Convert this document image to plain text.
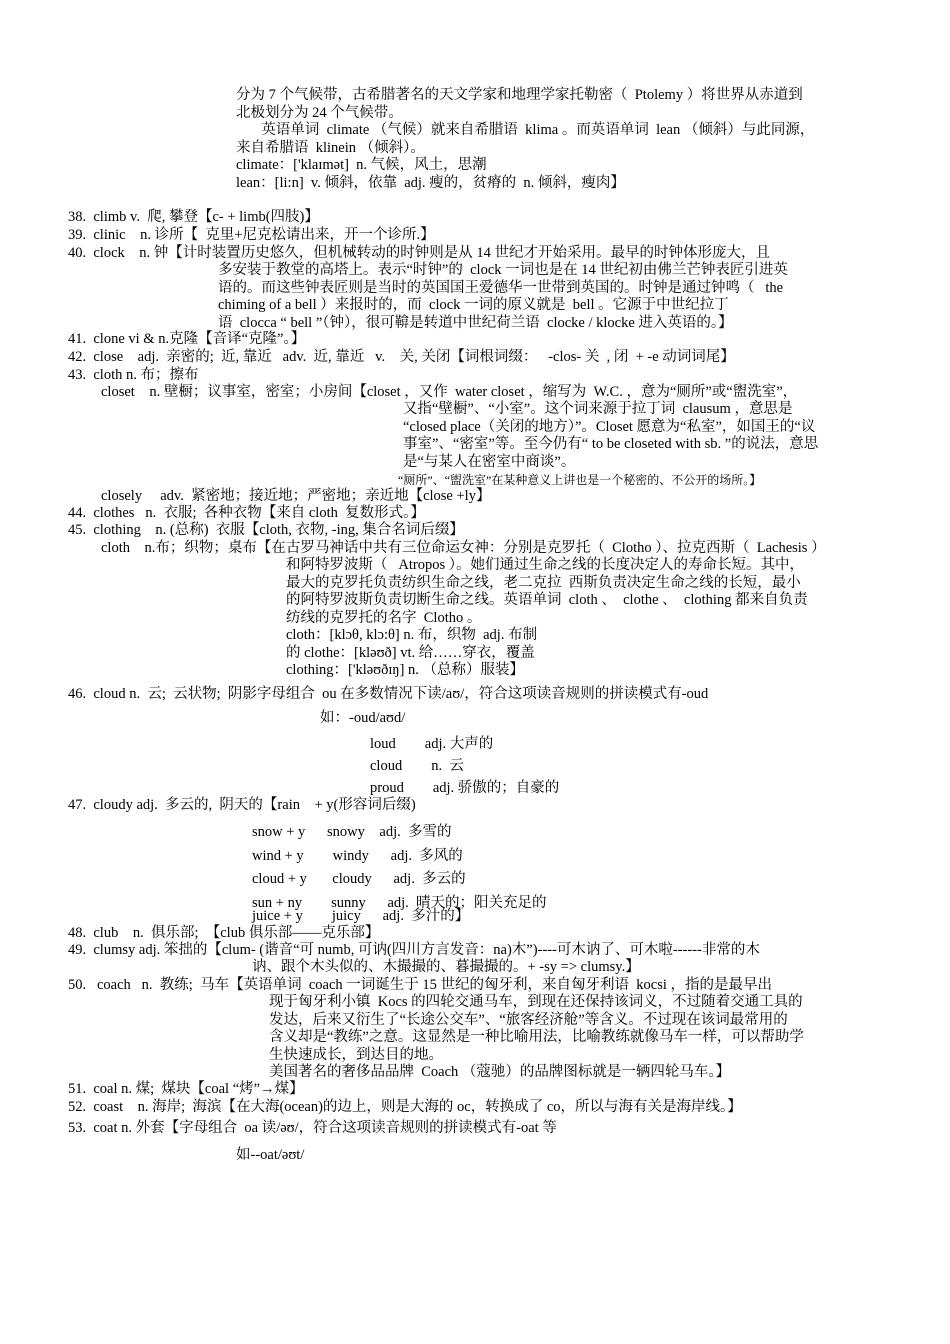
分为 7 个气候带，古希腊著名的天文学家和地理学家托勒密（  Ptolemy ）将世界从赤道到
北极划分为 24 个气候带。
英语单词  climate （气候）就来自希腊语  klima 。而英语单词  lean （倾斜）与此同源，
来自希腊语  klinein （倾斜）。
climate：['klaɪmət]  n. 气候，风土，思潮
lean：[li:n]  v. 倾斜，依靠  adj. 瘦的，贫瘠的  n. 倾斜，瘦肉】
38.  climb v.  爬, 攀登【c- + limb(四肢)】
39.  clinic    n. 诊所【  克里+尼克松请出来，开一个诊所.】
40.  clock    n. 钟【计时装置历史悠久，但机械转动的时钟则是从 14 世纪才开始采用。最早的时钟体形庞大，且
多安装于教堂的高塔上。表示“时钟”的  clock 一词也是在 14 世纪初由佛兰芒钟表匠引进英
语的。而这些钟表匠则是当时的英国国王爱德华一世带到英国的。时钟是通过钟鸣（   the
chiming of a bell ）来报时的，而  clock 一词的原义就是  bell 。它源于中世纪拉丁
语  clocca “ bell ”（钟），很可鞥是转道中世纪荷兰语  clocke / klocke 进入英语的。】
41.  clone vi & n.克隆【音译“克隆”。】
42.  close    adj.  亲密的;  近, 靠近   adv.  近, 靠近   v.    关, 关闭【词根词缀：   -clos- 关  , 闭  + -e 动词词尾】
43.  cloth n. 布；擦布
closet    n. 壁橱；议事室，密室；小房间【closet ，又作  water closet ，缩写为  W.C. ，意为“厕所”或“盥洗室”，
又指“壁橱”、“小室”。这个词来源于拉丁词  clausum ，意思是
“closed place（关闭的地方）”。Closet 愿意为“私室”，如国王的“议
事室”、“密室”等。至今仍有“ to be closeted with sb. ”的说法，意思
是“与某人在密室中商谈”。
“厕所”、“盥洗室”在某种意义上讲也是一个秘密的、不公开的场所。】
closely     adv.  紧密地；接近地；严密地；亲近地【close +ly】
44.  clothes   n.  衣服;  各种衣物【来自 cloth  复数形式。】
45.  clothing    n. (总称)  衣服【cloth, 衣物, -ing, 集合名词后缀】
cloth    n.布；织物；桌布【在古罗马神话中共有三位命运女神：分别是克罗托（  Clotho ）、拉克西斯（  Lachesis ）
和阿特罗波斯（   Atropos ）。她们通过生命之线的长度决定人的寿命长短。其中，
最大的克罗托负责纺织生命之线，老二克拉  西斯负责决定生命之线的长短，最小
的阿特罗波斯负责切断生命之线。英语单词  cloth 、  clothe 、  clothing 都来自负责
纺线的克罗托的名字  Clotho 。
cloth：[klɔθ, klɔ:θ] n. 布，织物  adj. 布制
的 clothe：[kləʊð] vt. 给……穿衣，覆盖
clothing：['kləʊðɪŋ] n. （总称）服装】
46.  cloud n.  云;  云状物;  阴影字母组合  ou 在多数情况下读/aʊ/，符合这项读音规则的拼读模式有-oud
如：-oud/aʊd/
loud        adj. 大声的
cloud        n.  云
proud        adj. 骄傲的；自豪的
47.  cloudy adj.  多云的,  阴天的【rain    + y(形容词后缀)
snow + y      snowy    adj.  多雪的
wind + y        windy      adj.  多风的
cloud + y       cloudy      adj.  多云的
sun + ny        sunny      adj.  晴天的；阳关充足的
juice + y        juicy      adj.  多汁的】
48.  club    n.  俱乐部;  【club 俱乐部——克乐部】
49.  clumsy adj. 笨拙的【clum- (谐音“可 numb, 可讷(四川方言发音：na)木”)----可木讷了、可木啦------非常的木
讷、跟个木头似的、木撮撮的、暮撮撮的。+ -sy => clumsy.】
50.   coach   n.  教练;  马车【英语单词  coach 一词诞生于 15 世纪的匈牙利，来自匈牙利语  kocsi ，指的是最早出
现于匈牙利小镇  Kocs 的四轮交通马车，到现在还保持该词义，不过随着交通工具的
发达，后来又衍生了“长途公交车”、“旅客经济舱”等含义。不过现在该词最常用的
含义却是“教练”之意。这显然是一种比喻用法，比喻教练就像马车一样，可以帮助学
生快速成长，到达目的地。
美国著名的奢侈品品牌  Coach （蔻驰）的品牌图标就是一辆四轮马车。】
51.  coal n. 煤;  煤块【coal “烤”→煤】
52.  coast    n. 海岸;  海滨【在大海(ocean)的边上，则是大海的 oc，转换成了 co，所以与海有关是海岸线。】
53.  coat n. 外套【字母组合  oa 读/əʊ/，符合这项读音规则的拼读模式有-oat 等
如--oat/əʊt/
